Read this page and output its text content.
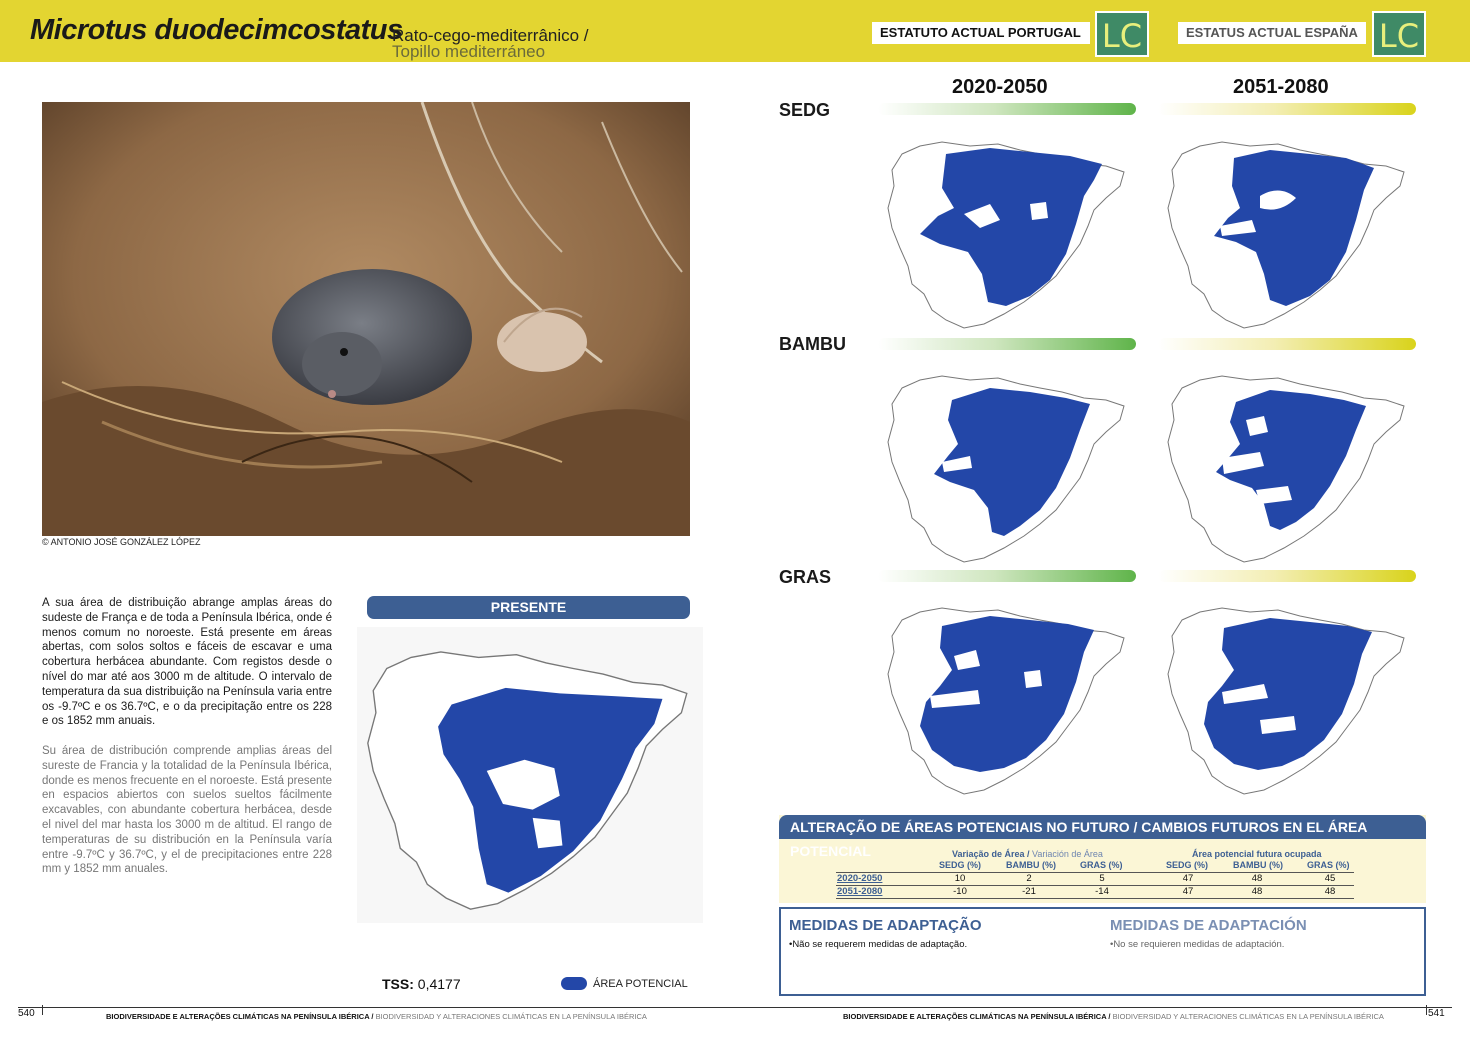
Microtus duodecimcostatus
Rato-cego-mediterrânico /
Topillo mediterráneo
ESTATUTO ACTUAL PORTUGAL LC	ESTATUS ACTUAL ESPAÑA LC
© ANTONIO JOSÉ GONZÁLEZ LÓPEZ

A sua área de distribuição abrange amplas áreas do sudeste de França e de toda a Península Ibérica, onde é menos comum no noroeste. Está presente em áreas abertas, com solos soltos e fáceis de escavar e uma cobertura herbácea abundante. Com registos desde o nível do mar até aos 3000 m de altitude. O intervalo de temperatura da sua distribuição na Península varia entre os -9.7ºC e os 36.7ºC, e o da precipitação entre os 228 e os 1852 mm anuais.

Su área de distribución comprende amplias áreas del sureste de Francia y la totalidad de la Península Ibérica, donde es menos frecuente en el noroeste. Está presente en espacios abiertos con suelos sueltos fácilmente excavables, con abundante cobertura herbácea, desde el nivel del mar hasta los 3000 m de altitud. El rango de temperaturas de su distribución en la Península varía entre -9.7ºC y 36.7ºC, y el de precipitaciones entre 228 mm y 1852 mm anuales.

PRESENTE
TSS: 0,4177	ÁREA POTENCIAL
2020-2050	2051-2080
SEDG
BAMBU
GRAS
ALTERAÇÃO DE ÁREAS POTENCIAIS NO FUTURO / CAMBIOS FUTUROS EN EL ÁREA POTENCIAL	Variação de Área / Variación de Área	Área potencial futura ocupada
SEDG (%)	BAMBU (%)	GRAS (%)	SEDG (%)	BAMBU (%)	GRAS (%)
2020-2050	10	2	5	47	48	45
2051-2080	-10	-21	-14	47	48	48
MEDIDAS DE ADAPTAÇÃO
•Não se requerem medidas de adaptação.
MEDIDAS DE ADAPTACIÓN
•No se requieren medidas de adaptación.
540	541
BIODIVERSIDADE E ALTERAÇÕES CLIMÁTICAS NA PENÍNSULA IBÉRICA / BIODIVERSIDAD Y ALTERACIONES CLIMÁTICAS EN LA PENÍNSULA IBÉRICA	BIODIVERSIDADE E ALTERAÇÕES CLIMÁTICAS NA PENÍNSULA IBÉRICA / BIODIVERSIDAD Y ALTERACIONES CLIMÁTICAS EN LA PENÍNSULA IBÉRICA
